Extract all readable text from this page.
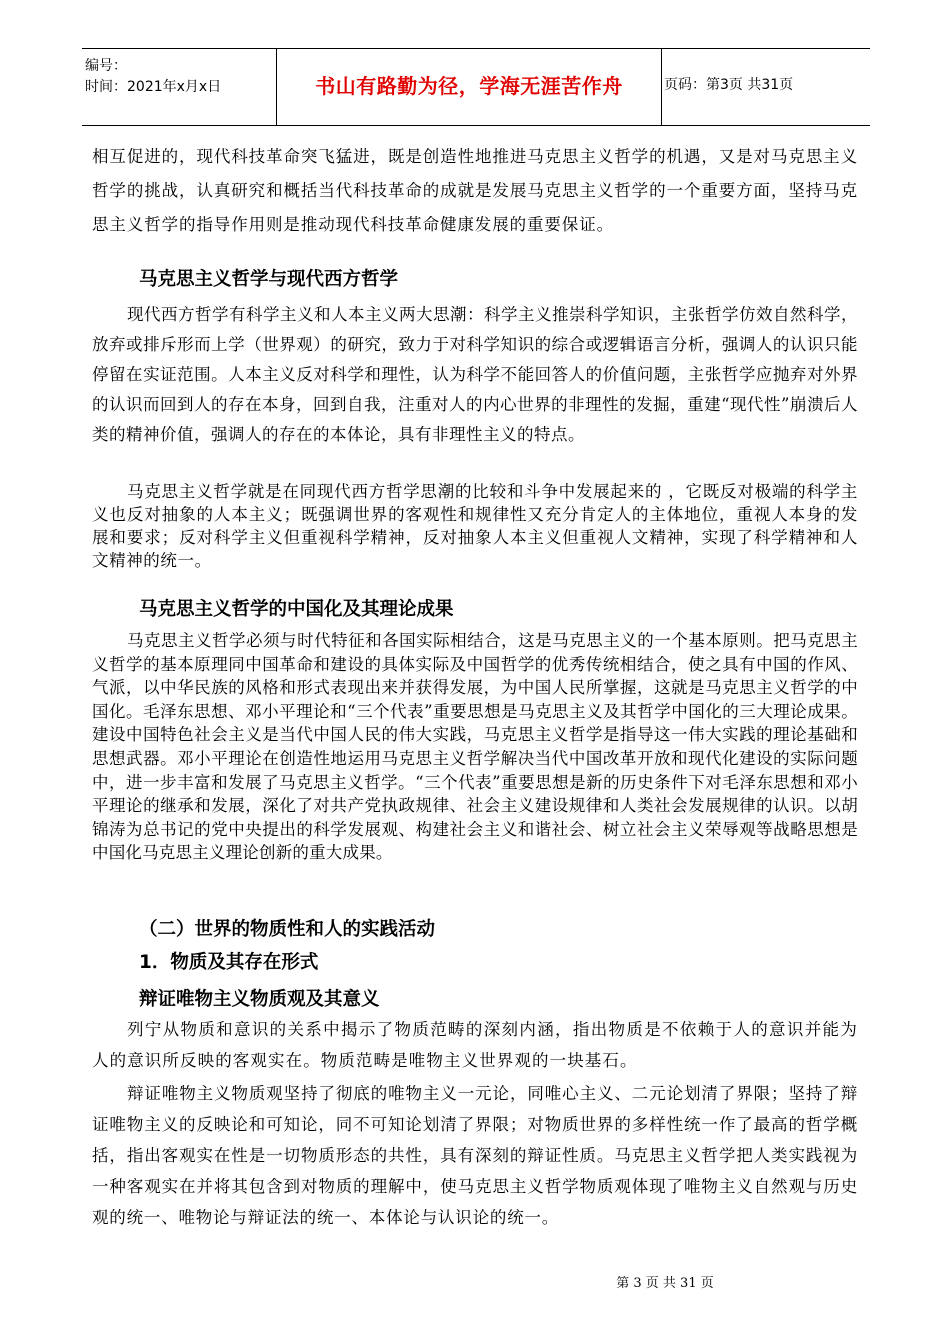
编号：
时间：2021年x月x日	书山有路勤为径，学海无涯苦作舟	页码：第3页 共31页

相互促进的，现代科技革命突飞猛进，既是创造性地推进马克思主义哲学的机遇，又是对马克思主义哲学的挑战，认真研究和概括当代科技革命的成就是发展马克思主义哲学的一个重要方面，坚持马克思主义哲学的指导作用则是推动现代科技革命健康发展的重要保证。

马克思主义哲学与现代西方哲学

现代西方哲学有科学主义和人本主义两大思潮：科学主义推崇科学知识，主张哲学仿效自然科学，放弃或排斥形而上学（世界观）的研究，致力于对科学知识的综合或逻辑语言分析，强调人的认识只能停留在实证范围。人本主义反对科学和理性，认为科学不能回答人的价值问题，主张哲学应抛弃对外界的认识而回到人的存在本身，回到自我，注重对人的内心世界的非理性的发掘，重建“现代性”崩溃后人类的精神价值，强调人的存在的本体论，具有非理性主义的特点。

马克思主义哲学就是在同现代西方哲学思潮的比较和斗争中发展起来的 ，它既反对极端的科学主义也反对抽象的人本主义；既强调世界的客观性和规律性又充分肯定人的主体地位，重视人本身的发展和要求；反对科学主义但重视科学精神，反对抽象人本主义但重视人文精神，实现了科学精神和人文精神的统一。

马克思主义哲学的中国化及其理论成果

马克思主义哲学必须与时代特征和各国实际相结合，这是马克思主义的一个基本原则。把马克思主义哲学的基本原理同中国革命和建设的具体实际及中国哲学的优秀传统相结合，使之具有中国的作风、气派，以中华民族的风格和形式表现出来并获得发展，为中国人民所掌握，这就是马克思主义哲学的中国化。毛泽东思想、邓小平理论和“三个代表”重要思想是马克思主义及其哲学中国化的三大理论成果。建设中国特色社会主义是当代中国人民的伟大实践，马克思主义哲学是指导这一伟大实践的理论基础和思想武器。邓小平理论在创造性地运用马克思主义哲学解决当代中国改革开放和现代化建设的实际问题中，进一步丰富和发展了马克思主义哲学。“三个代表”重要思想是新的历史条件下对毛泽东思想和邓小平理论的继承和发展，深化了对共产党执政规律、社会主义建设规律和人类社会发展规律的认识。以胡锦涛为总书记的党中央提出的科学发展观、构建社会主义和谐社会、树立社会主义荣辱观等战略思想是中国化马克思主义理论创新的重大成果。

（二）世界的物质性和人的实践活动

1．物质及其存在形式

辩证唯物主义物质观及其意义

列宁从物质和意识的关系中揭示了物质范畴的深刻内涵，指出物质是不依赖于人的意识并能为人的意识所反映的客观实在。物质范畴是唯物主义世界观的一块基石。

辩证唯物主义物质观坚持了彻底的唯物主义一元论，同唯心主义、二元论划清了界限；坚持了辩证唯物主义的反映论和可知论，同不可知论划清了界限；对物质世界的多样性统一作了最高的哲学概括，指出客观实在性是一切物质形态的共性，具有深刻的辩证性质。马克思主义哲学把人类实践视为一种客观实在并将其包含到对物质的理解中，使马克思主义哲学物质观体现了唯物主义自然观与历史观的统一、唯物论与辩证法的统一、本体论与认识论的统一。

第 3 页 共 31 页
